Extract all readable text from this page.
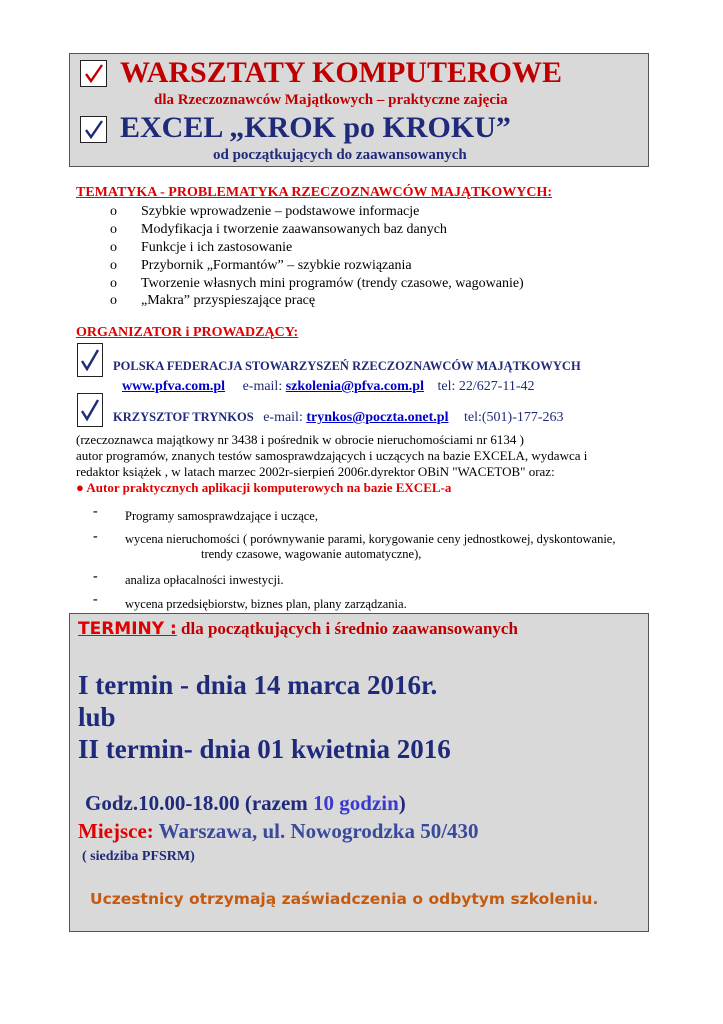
WARSZTATY KOMPUTEROWE
dla Rzeczoznawców Majątkowych – praktyczne zajęcia
EXCEL „KROK po KROKU”
od początkujących do zaawansowanych
TEMATYKA - PROBLEMATYKA RZECZOZNAWCÓW MAJĄTKOWYCH:
o Szybkie wprowadzenie – podstawowe informacje
o Modyfikacja i tworzenie zaawansowanych baz danych
o Funkcje i ich zastosowanie
o Przybornik „Formantów” – szybkie rozwiązania
o Tworzenie własnych mini programów (trendy czasowe, wagowanie)
o „Makra” przyspieszające pracę
ORGANIZATOR i PROWADZĄCY:
POLSKA FEDERACJA STOWARZYSZEŃ RZECZOZNAWCÓW MAJĄTKOWYCH
www.pfva.com.pl e-mail: szkolenia@pfva.com.pl tel: 22/627-11-42
KRZYSZTOF TRYNKOS e-mail: trynkos@poczta.onet.pl tel:(501)-177-263
(rzeczoznawca majątkowy nr 3438 i pośrednik w obrocie nieruchomościami nr 6134 )
autor programów, znanych testów samosprawdzających i uczących na bazie EXCELA, wydawca i
redaktor książek , w latach marzec 2002r-sierpień 2006r.dyrektor OBiN "WACETOB" oraz:
● Autor praktycznych aplikacji komputerowych na bazie EXCEL-a
- Programy samosprawdzające i uczące,
- wycena nieruchomości ( porównywanie parami, korygowanie ceny jednostkowej, dyskontowanie,
trendy czasowe, wagowanie automatyczne),
- analiza opłacalności inwestycji.
- wycena przedsiębiorstw, biznes plan, plany zarządzania.
TERMINY : dla początkujących i średnio zaawansowanych
I termin - dnia 14 marca 2016r.
lub
II termin- dnia 01 kwietnia 2016
Godz.10.00-18.00 (razem 10 godzin)
Miejsce: Warszawa, ul. Nowogrodzka 50/430
( siedziba PFSRM)
Uczestnicy otrzymają zaświadczenia o odbytym szkoleniu.
